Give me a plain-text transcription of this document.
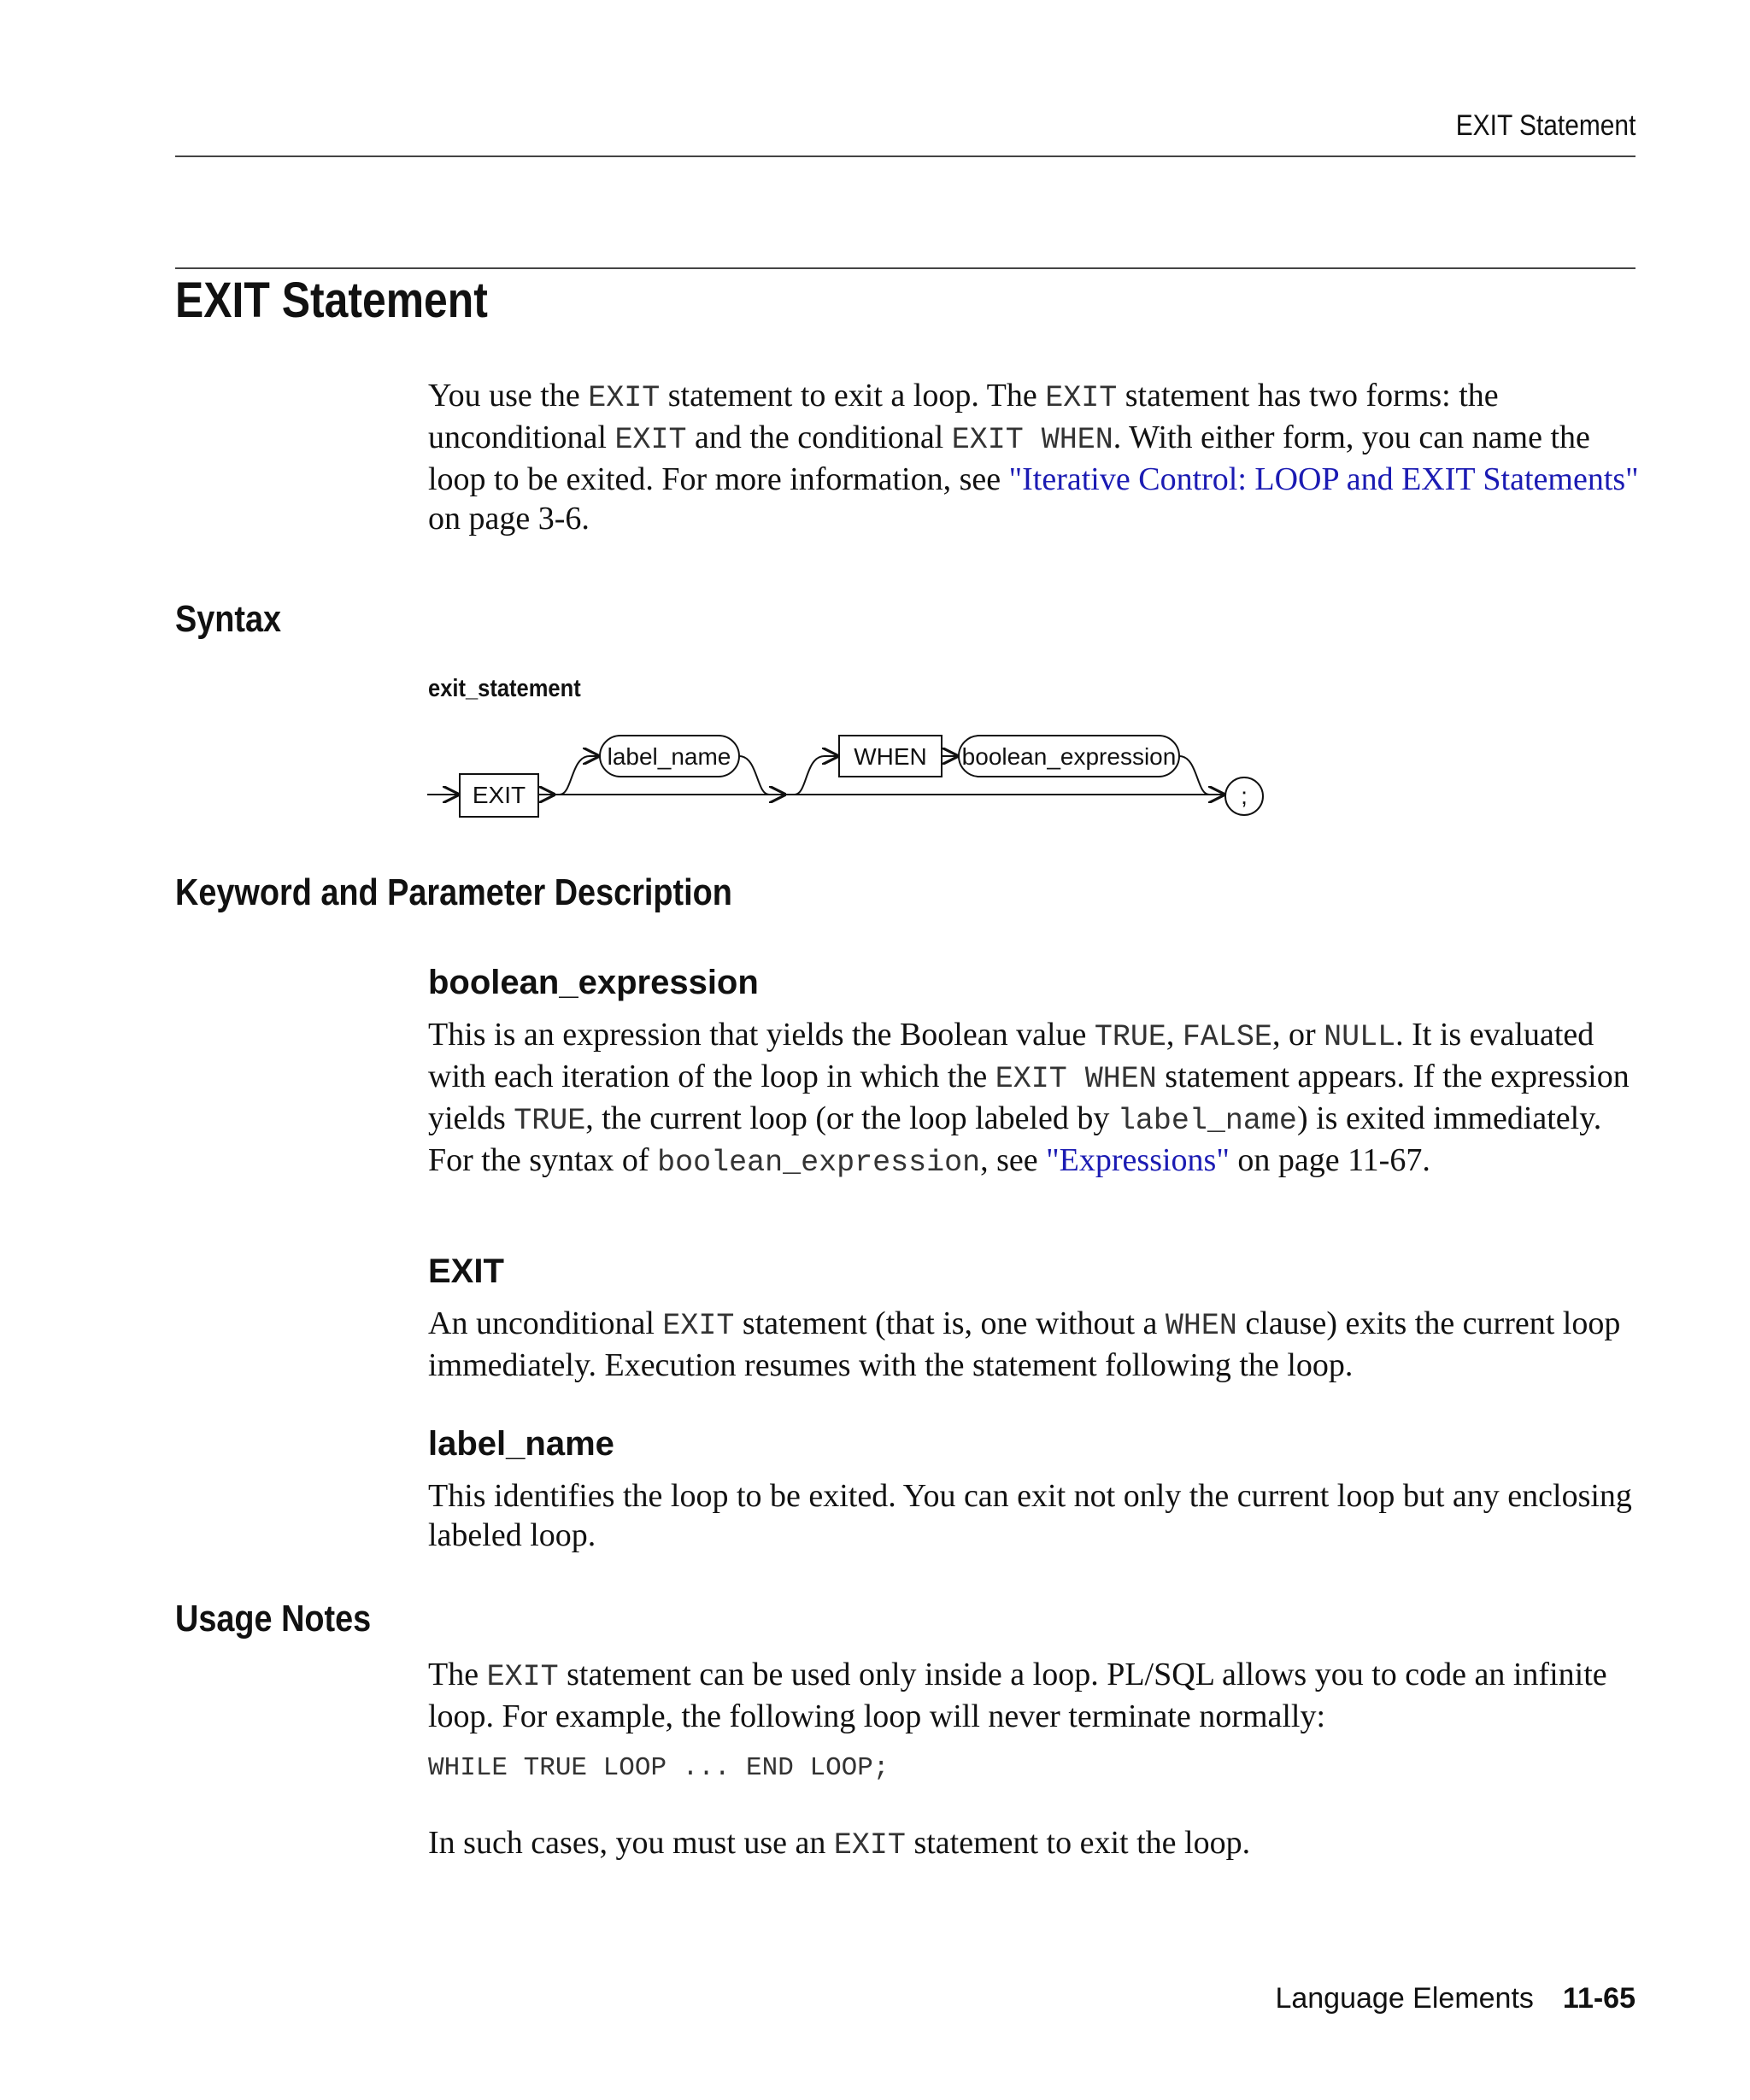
EXIT Statement
EXIT Statement

You use the EXIT statement to exit a loop. The EXIT statement has two forms: the unconditional EXIT and the conditional EXIT WHEN. With either form, you can name the loop to be exited. For more information, see "Iterative Control: LOOP and EXIT Statements" on page 3-6.

Syntax
exit_statement
EXIT
label_name	WHEN boolean_expression
;
Keyword and Parameter Description
boolean_expression

This is an expression that yields the Boolean value TRUE, FALSE, or NULL. It is evaluated with each iteration of the loop in which the EXIT WHEN statement appears. If the expression yields TRUE, the current loop (or the loop labeled by label_name) is exited immediately. For the syntax of boolean_expression, see "Expressions" on page 11-67.

EXIT

An unconditional EXIT statement (that is, one without a WHEN clause) exits the current loop immediately. Execution resumes with the statement following the loop.

label_name

This identifies the loop to be exited. You can exit not only the current loop but any enclosing labeled loop.

Usage Notes

The EXIT statement can be used only inside a loop. PL/SQL allows you to code an infinite loop. For example, the following loop will never terminate normally:

WHILE TRUE LOOP ... END LOOP;

In such cases, you must use an EXIT statement to exit the loop.

Language Elements 11-65
